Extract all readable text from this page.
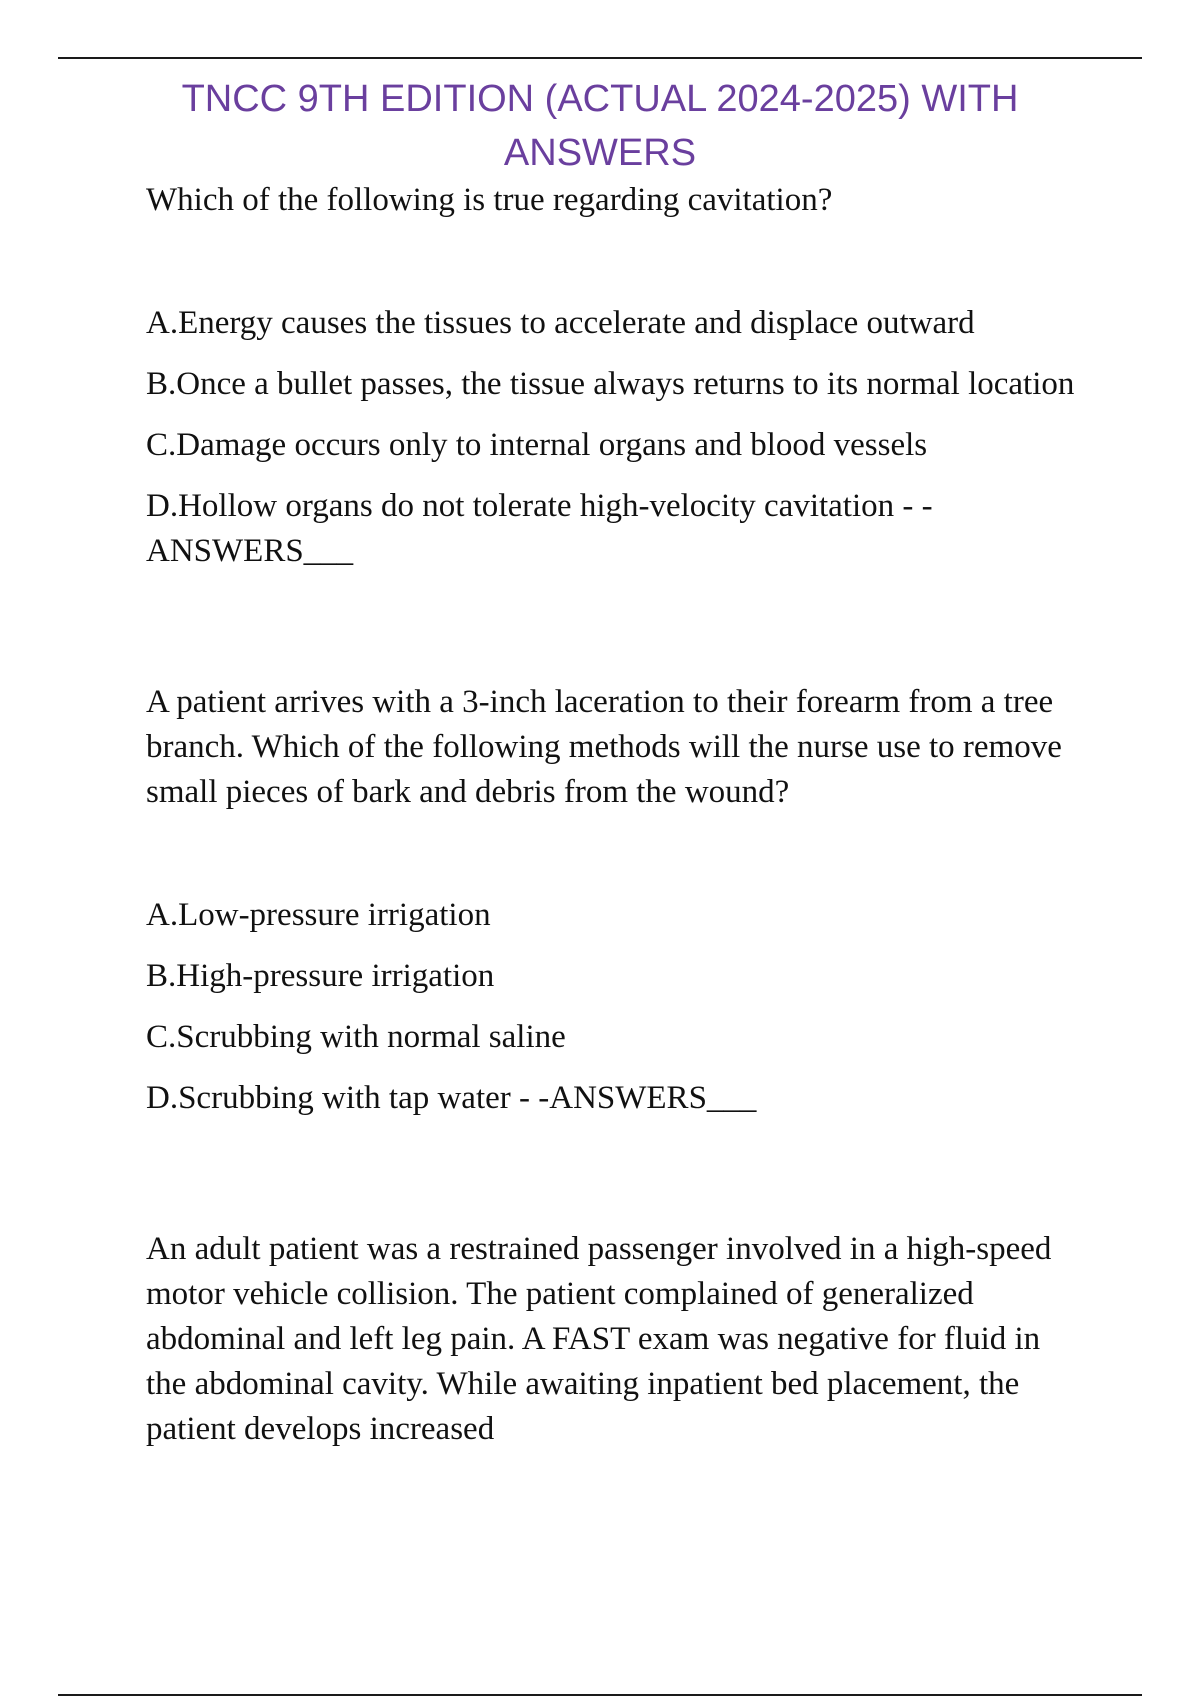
TNCC 9TH EDITION (ACTUAL 2024-2025) WITH ANSWERS

Which of the following is true regarding cavitation?

A.Energy causes the tissues to accelerate and displace outward

B.Once a bullet passes, the tissue always returns to its normal location

C.Damage occurs only to internal organs and blood vessels

D.Hollow organs do not tolerate high-velocity cavitation - -ANSWERS___

A patient arrives with a 3-inch laceration to their forearm from a tree branch. Which of the following methods will the nurse use to remove small pieces of bark and debris from the wound?

A.Low-pressure irrigation

B.High-pressure irrigation

C.Scrubbing with normal saline

D.Scrubbing with tap water - -ANSWERS___

An adult patient was a restrained passenger involved in a high-speed motor vehicle collision. The patient complained of generalized abdominal and left leg pain. A FAST exam was negative for fluid in the abdominal cavity. While awaiting inpatient bed placement, the patient develops increased
